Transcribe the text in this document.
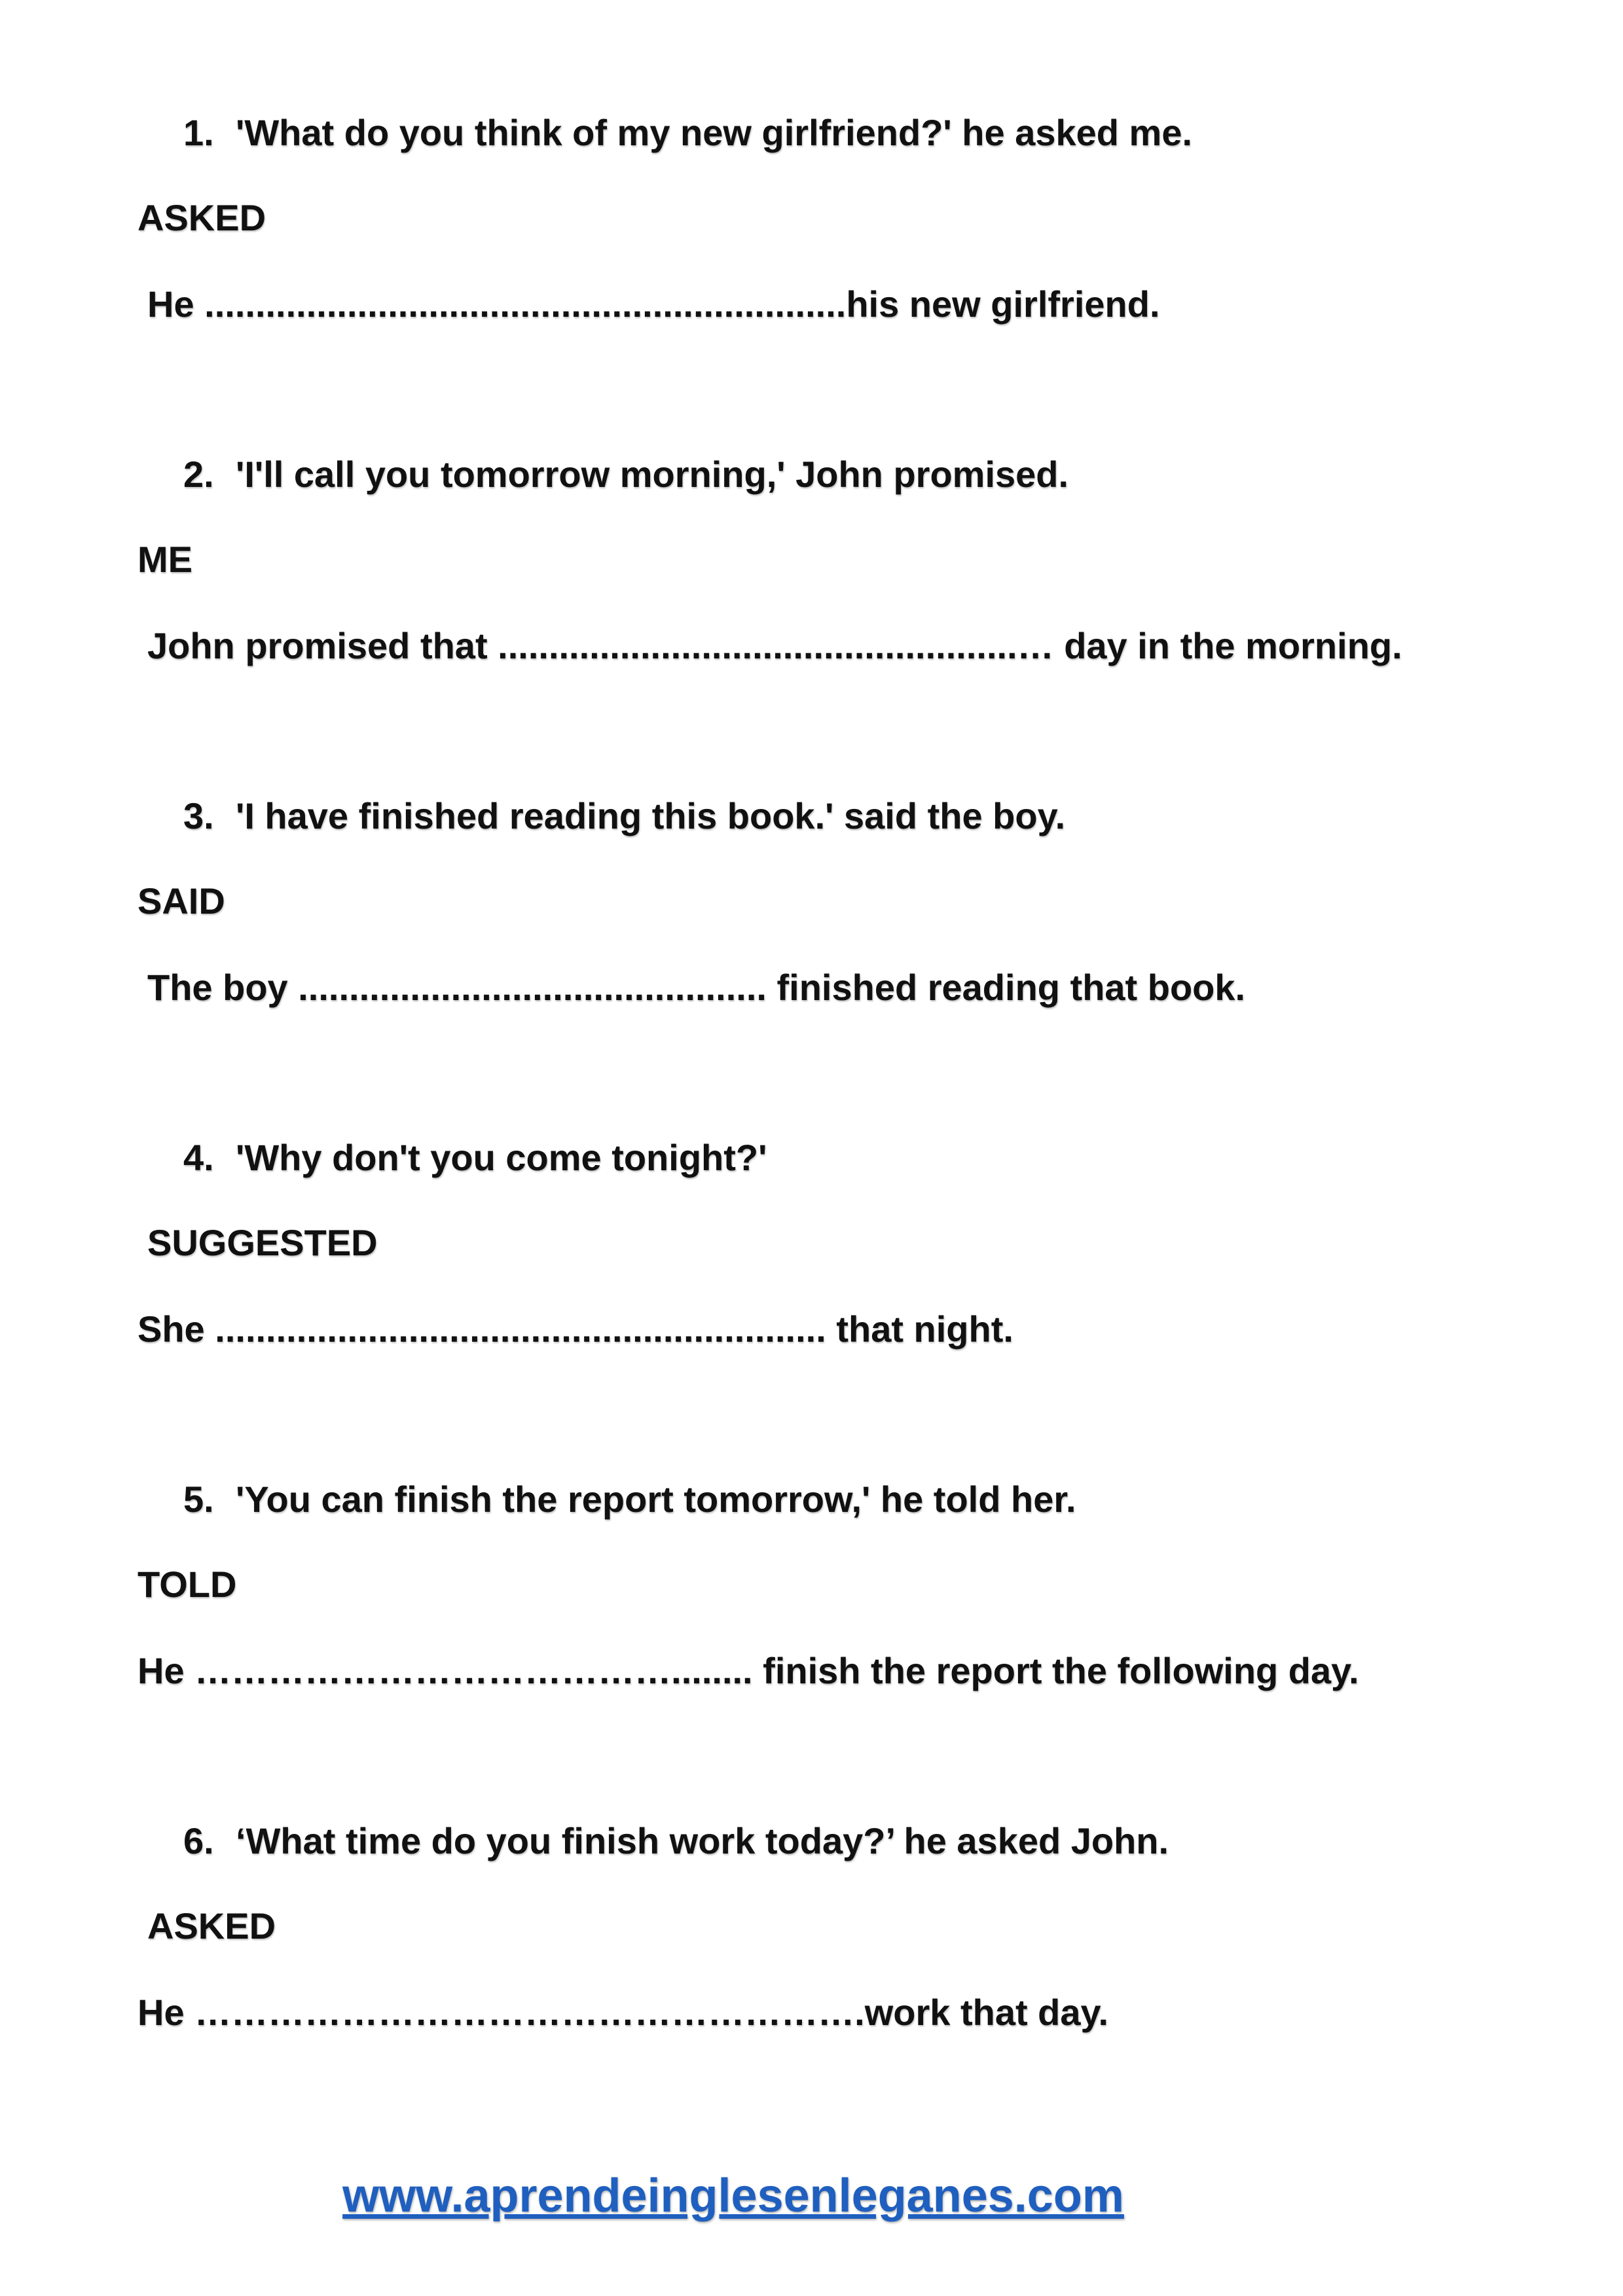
1. 'What do you think of my new girlfriend?' he asked me.
ASKED
He ...............................................................his new girlfriend.
2. 'I'll call you tomorrow morning,' John promised.
ME
John promised that ...................................................… day in the morning.
3. 'I have finished reading this book.' said the boy.
SAID
The boy .............................................. finished reading that book.
4. 'Why don't you come tonight?'
SUGGESTED
She ............................................................ that night.
5. 'You can finish the report tomorrow,' he told her.
TOLD
He …………………………………........ finish the report the following day.
6. ‘What time do you finish work today?’ he asked John.
ASKED
He ……………………………………………….work that day.
www.aprendeinglesenleganes.com
